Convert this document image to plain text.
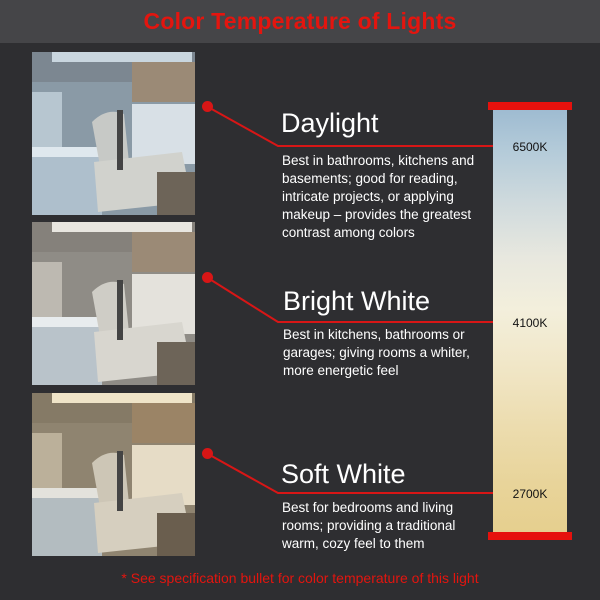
Color Temperature of Lights
Daylight
Bright White
Soft White
Best in bathrooms, kitchens and basements; good for reading, intricate projects, or applying makeup – provides the greatest contrast among colors
Best in kitchens, bathrooms or garages; giving rooms a whiter, more energetic feel
Best for bedrooms and living rooms; providing a traditional warm, cozy feel to them
6500K
4100K
2700K
* See specification bullet for color temperature of this light
